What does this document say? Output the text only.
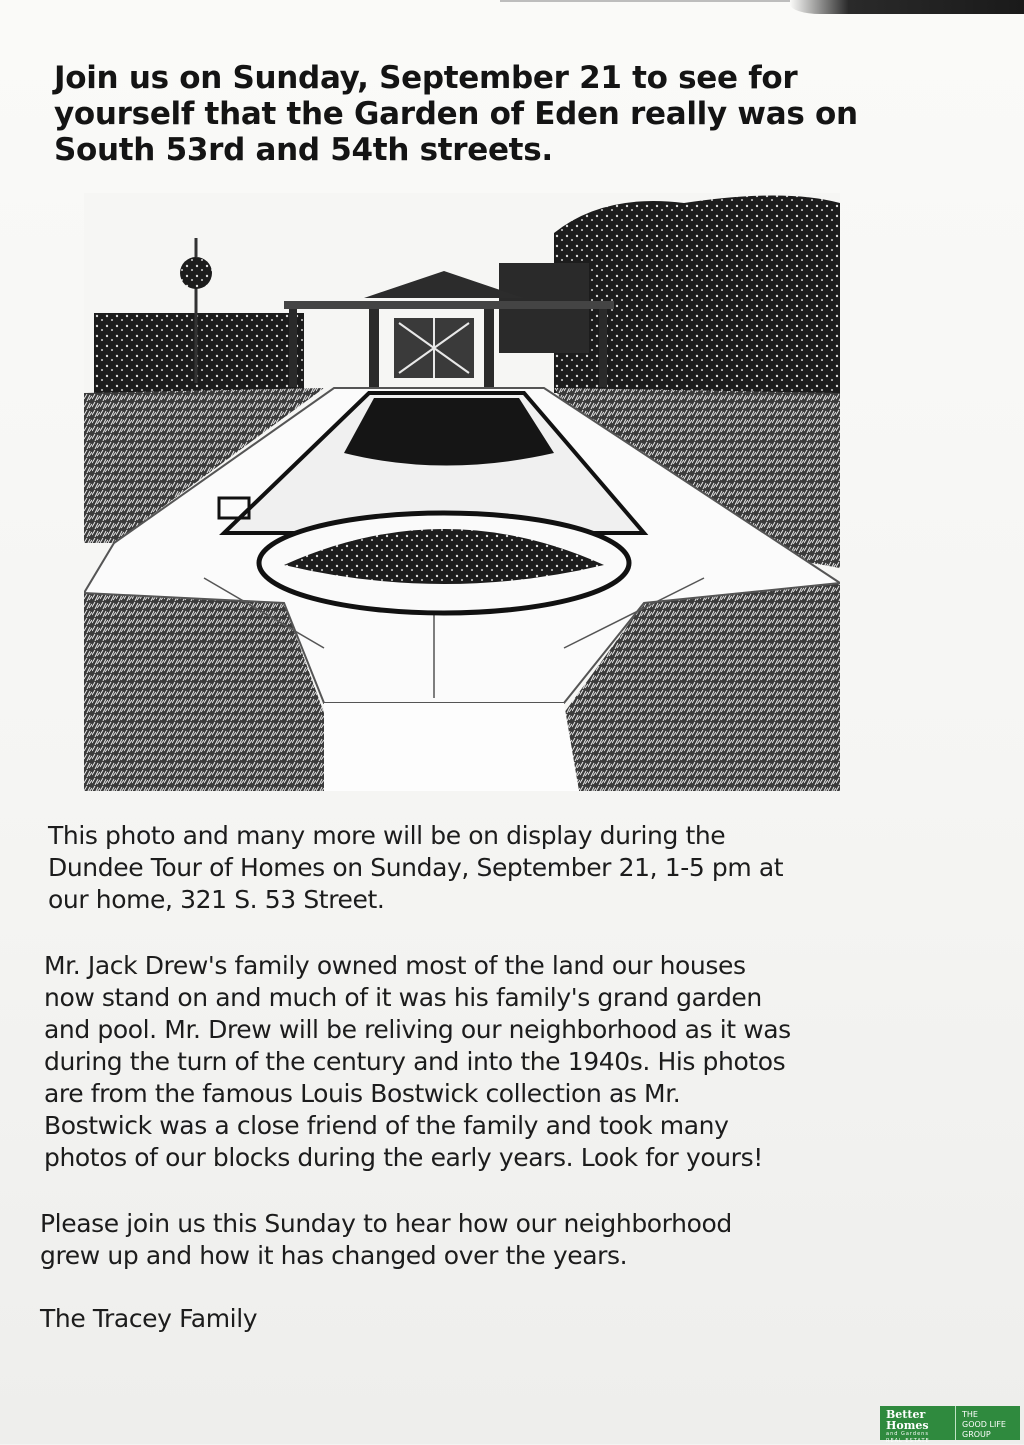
Join us on Sunday, September 21 to see for
yourself that the Garden of Eden really was on
South 53rd and 54th streets.

This photo and many more will be on display during the
Dundee Tour of Homes on Sunday, September 21, 1-5 pm at
our home, 321 S. 53 Street.

Mr. Jack Drew's family owned most of the land our houses
now stand on and much of it was his family's grand garden
and pool. Mr. Drew will be reliving our neighborhood as it was
during the turn of the century and into the 1940s. His photos
are from the famous Louis Bostwick collection as Mr.
Bostwick was a close friend of the family and took many
photos of our blocks during the early years. Look for yours!

Please join us this Sunday to hear how our neighborhood
grew up and how it has changed over the years.

The Tracey Family

Better
Homes
and Gardens
REAL ESTATE
THE
GOOD LIFE
GROUP
